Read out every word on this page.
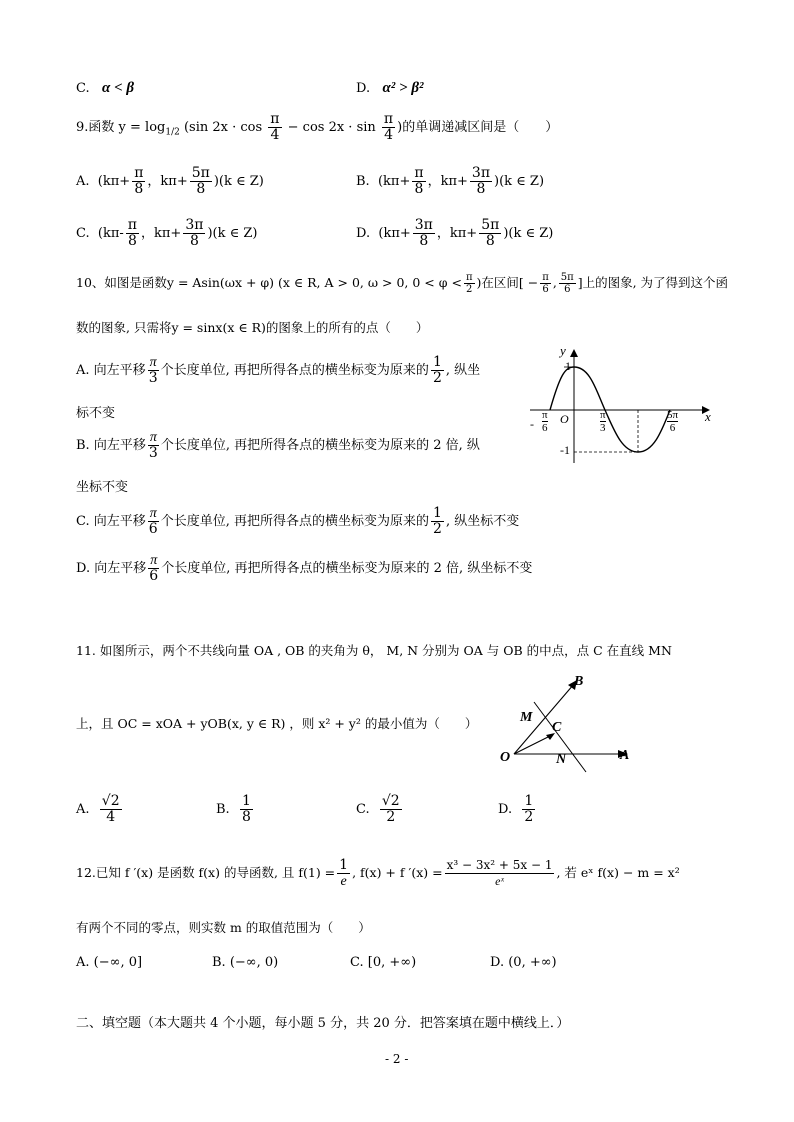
C. α < β	D. α² > β²
9.函数 $y = \log_{1/2} (\sin$ $2x \cdot \cos \frac{\pi}{4} - \cos 2x \cdot \sin \frac{\pi}{4}$ )的单调递减区间是（　　）
A.  ($k\pi+ \frac{\pi}{8}$ ，$k\pi+ \frac{5\pi}{8} )(k$ ∈ Z)	B.  ($k\pi+ \frac{\pi}{8}$ ，$k\pi+ \frac{3\pi}{8} )(k$ ∈ Z)
C.  ($k\pi- \frac{\pi}{8}$ ，$k\pi+ \frac{3\pi}{8} )(k$ ∈ Z)	D.  ($k\pi+ \frac{3\pi}{8}$ ，$k\pi+ \frac{5\pi}{8} )(k$ ∈ Z)
10、如图是函数y = Asin(ωx + φ) (x ∈ R, A > 0, ω > 0, $0 < \varphi < \frac{\pi}{2}$ )在区间[ − $\frac{\pi}{6}$ , $\frac{5\pi}{6}$ ]上的图象, 为了得到这个函
数的图象, 只需将y = sinx(x ∈ R)的图象上的所有的点（　　）
A. 向左平移 $\frac{\pi}{3}$ 个长度单位, 再把所得各点的横坐标变为原来的 $\frac{1}{2}$ , 纵坐
标不变
B. 向左平移 $\frac{\pi}{3}$ 个长度单位, 再把所得各点的横坐标变为原来的 2 倍, 纵
坐标不变
C. 向左平移 $\frac{\pi}{6}$ 个长度单位, 再把所得各点的横坐标变为原来的 $\frac{1}{2}$ , 纵坐标不变
D. 向左平移 $\frac{\pi}{6}$ 个长度单位, 再把所得各点的横坐标变为原来的 2 倍, 纵坐标不变
y
x
1
O
-1
-
π
6
π
3
5π
6
11. 如图所示，两个不共线向量 OA , OB 的夹角为 θ， M, N 分别为 OA 与 OB 的中点，点 C 在直线 MN
上，且 OC = xOA + yOB(x, y ∈ R) ，则 x² + y² 的最小值为（　　）
B
M
C
O	N	A
A. $\frac{√2}{4}$	B. $\frac{1}{8}$	C. $\frac{√2}{2}$	D. $\frac{1}{2}$
12.已知 f ′(x) 是函数 f(x) 的导函数, 且 $f(1) = \frac{1}{e}$ , f(x) + f $'(x) = \frac{\text{x³ − 3x² + 5x − 1}}{\text{eˣ}}$ , 若 eˣ f(x) − m = x²
有两个不同的零点，则实数 m 的取值范围为（　　）
A. (−∞, 0]	B. (−∞, 0)	C. [0, +∞)	D. (0, +∞)
二、填空题（本大题共 4 个小题，每小题 5 分，共 20 分．把答案填在题中横线上．）
- 2 -
